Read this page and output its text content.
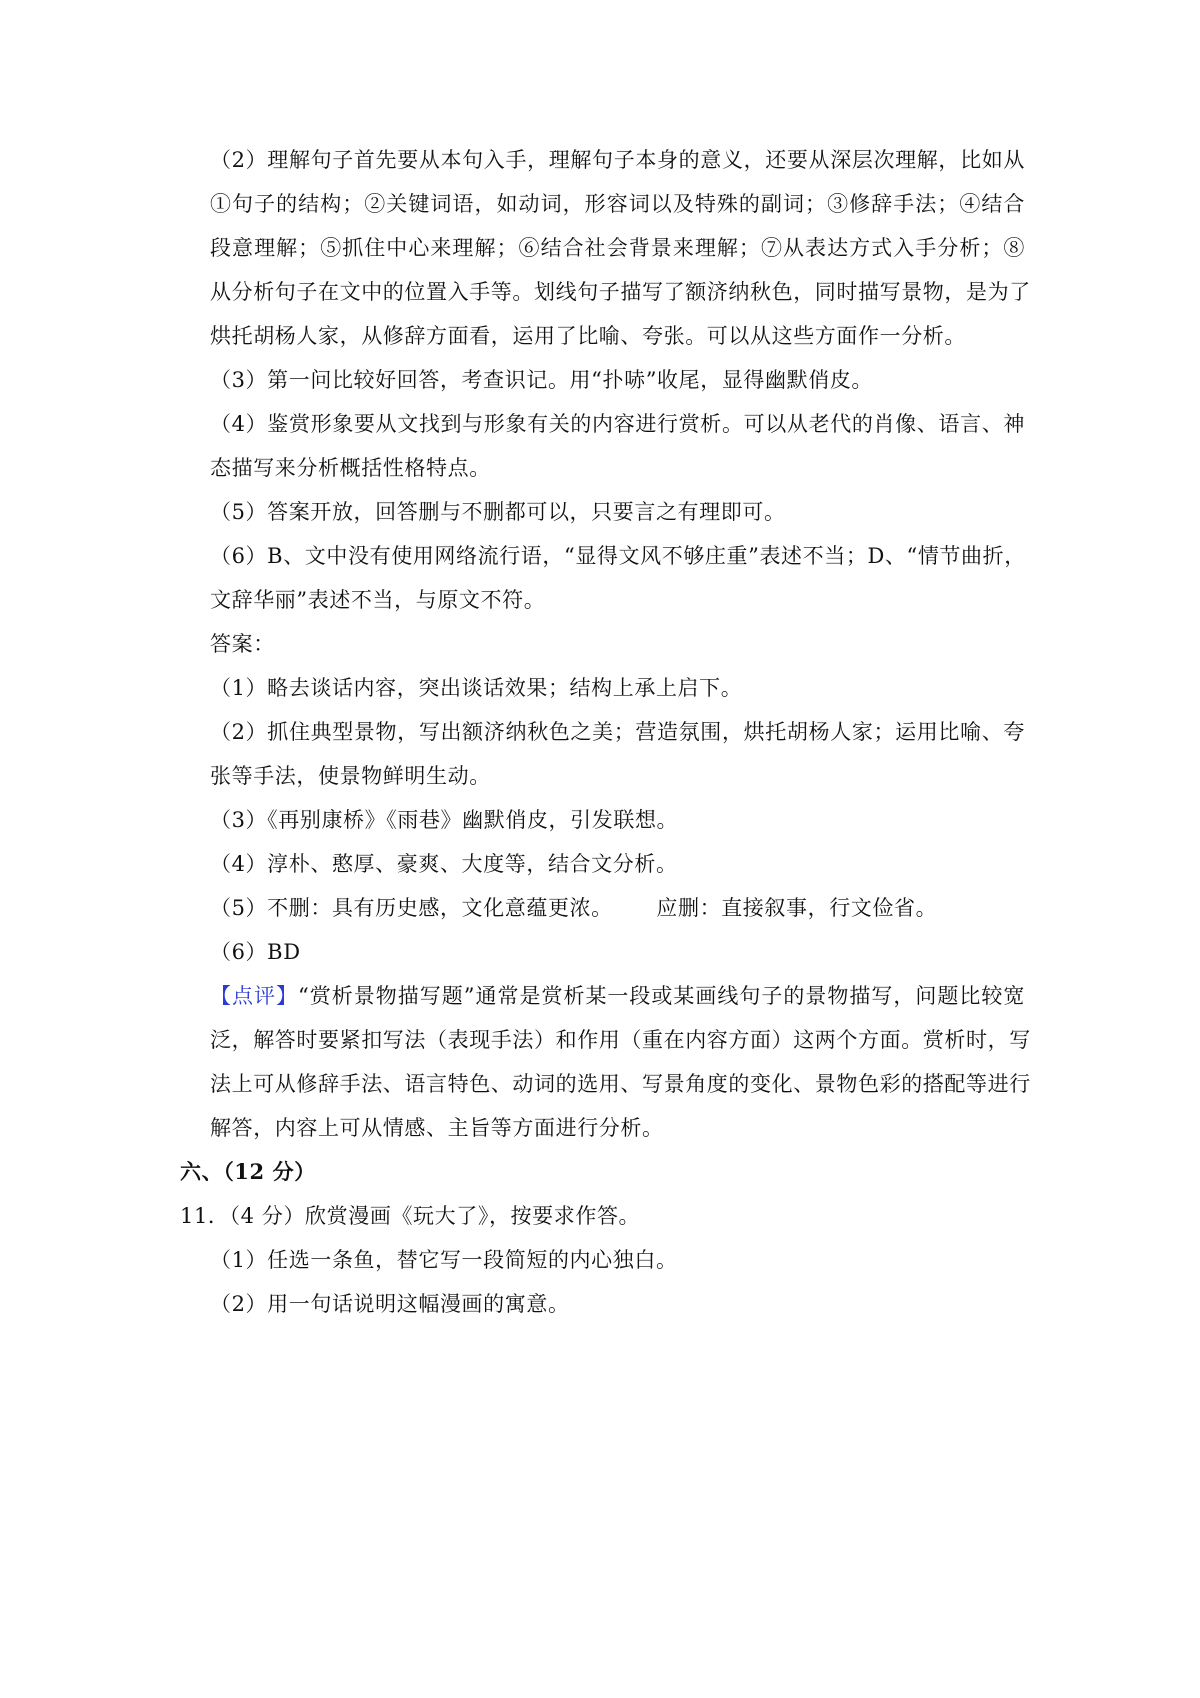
（2）理解句子首先要从本句入手，理解句子本身的意义，还要从深层次理解，比如从
①句子的结构；②关键词语，如动词，形容词以及特殊的副词；③修辞手法；④结合
段意理解；⑤抓住中心来理解；⑥结合社会背景来理解；⑦从表达方式入手分析；⑧
从分析句子在文中的位置入手等。划线句子描写了额济纳秋色，同时描写景物，是为了
烘托胡杨人家，从修辞方面看，运用了比喻、夸张。可以从这些方面作一分析。
（3）第一问比较好回答，考查识记。用“扑哧”收尾，显得幽默俏皮。
（4）鉴赏形象要从文找到与形象有关的内容进行赏析。可以从老代的肖像、语言、神
态描写来分析概括性格特点。
（5）答案开放，回答删与不删都可以，只要言之有理即可。
（6）B、文中没有使用网络流行语，“显得文风不够庄重”表述不当；D、“情节曲折，
文辞华丽”表述不当，与原文不符。
答案：
（1）略去谈话内容，突出谈话效果；结构上承上启下。
（2）抓住典型景物，写出额济纳秋色之美；营造氛围，烘托胡杨人家；运用比喻、夸
张等手法，使景物鲜明生动。
（3）《再别康桥》《雨巷》幽默俏皮，引发联想。
（4）淳朴、憨厚、豪爽、大度等，结合文分析。
（5）不删：具有历史感，文化意蕴更浓。      应删：直接叙事，行文俭省。
（6）BD
【点评】“赏析景物描写题”通常是赏析某一段或某画线句子的景物描写，问题比较宽
泛，解答时要紧扣写法（表现手法）和作用（重在内容方面）这两个方面。赏析时，写
法上可从修辞手法、语言特色、动词的选用、写景角度的变化、景物色彩的搭配等进行
解答，内容上可从情感、主旨等方面进行分析。
六、（12 分）
11．（4 分）欣赏漫画《玩大了》，按要求作答。
（1）任选一条鱼，替它写一段简短的内心独白。
（2）用一句话说明这幅漫画的寓意。
